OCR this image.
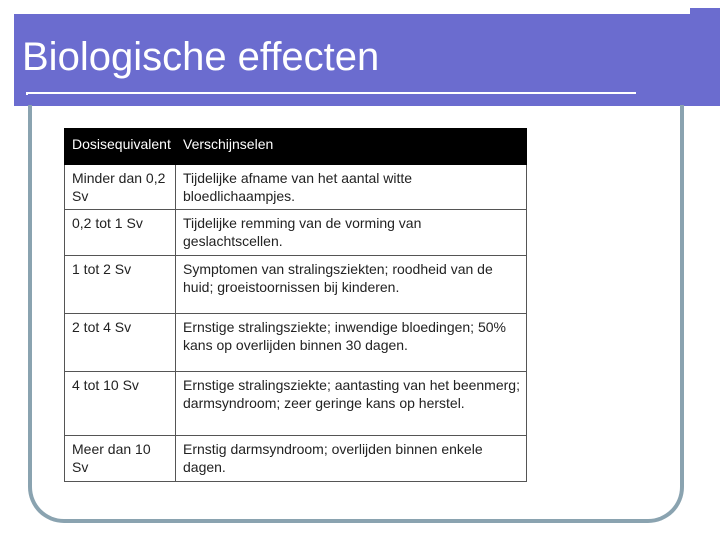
Biologische effecten
Dosisequivalent	Verschijnselen
Minder dan 0,2 Sv	Tijdelijke afname van het aantal witte bloedlichaampjes.
0,2 tot 1 Sv	Tijdelijke remming van de vorming van geslachtscellen.
1 tot 2 Sv	Symptomen van stralingsziekten; roodheid van de huid; groeistoornissen bij kinderen.
2 tot 4 Sv	Ernstige stralingsziekte; inwendige bloedingen; 50% kans op overlijden binnen 30 dagen.
4 tot 10 Sv	Ernstige stralingsziekte; aantasting van het beenmerg; darmsyndroom; zeer geringe kans op herstel.
Meer dan 10 Sv	Ernstig darmsyndroom; overlijden binnen enkele dagen.
